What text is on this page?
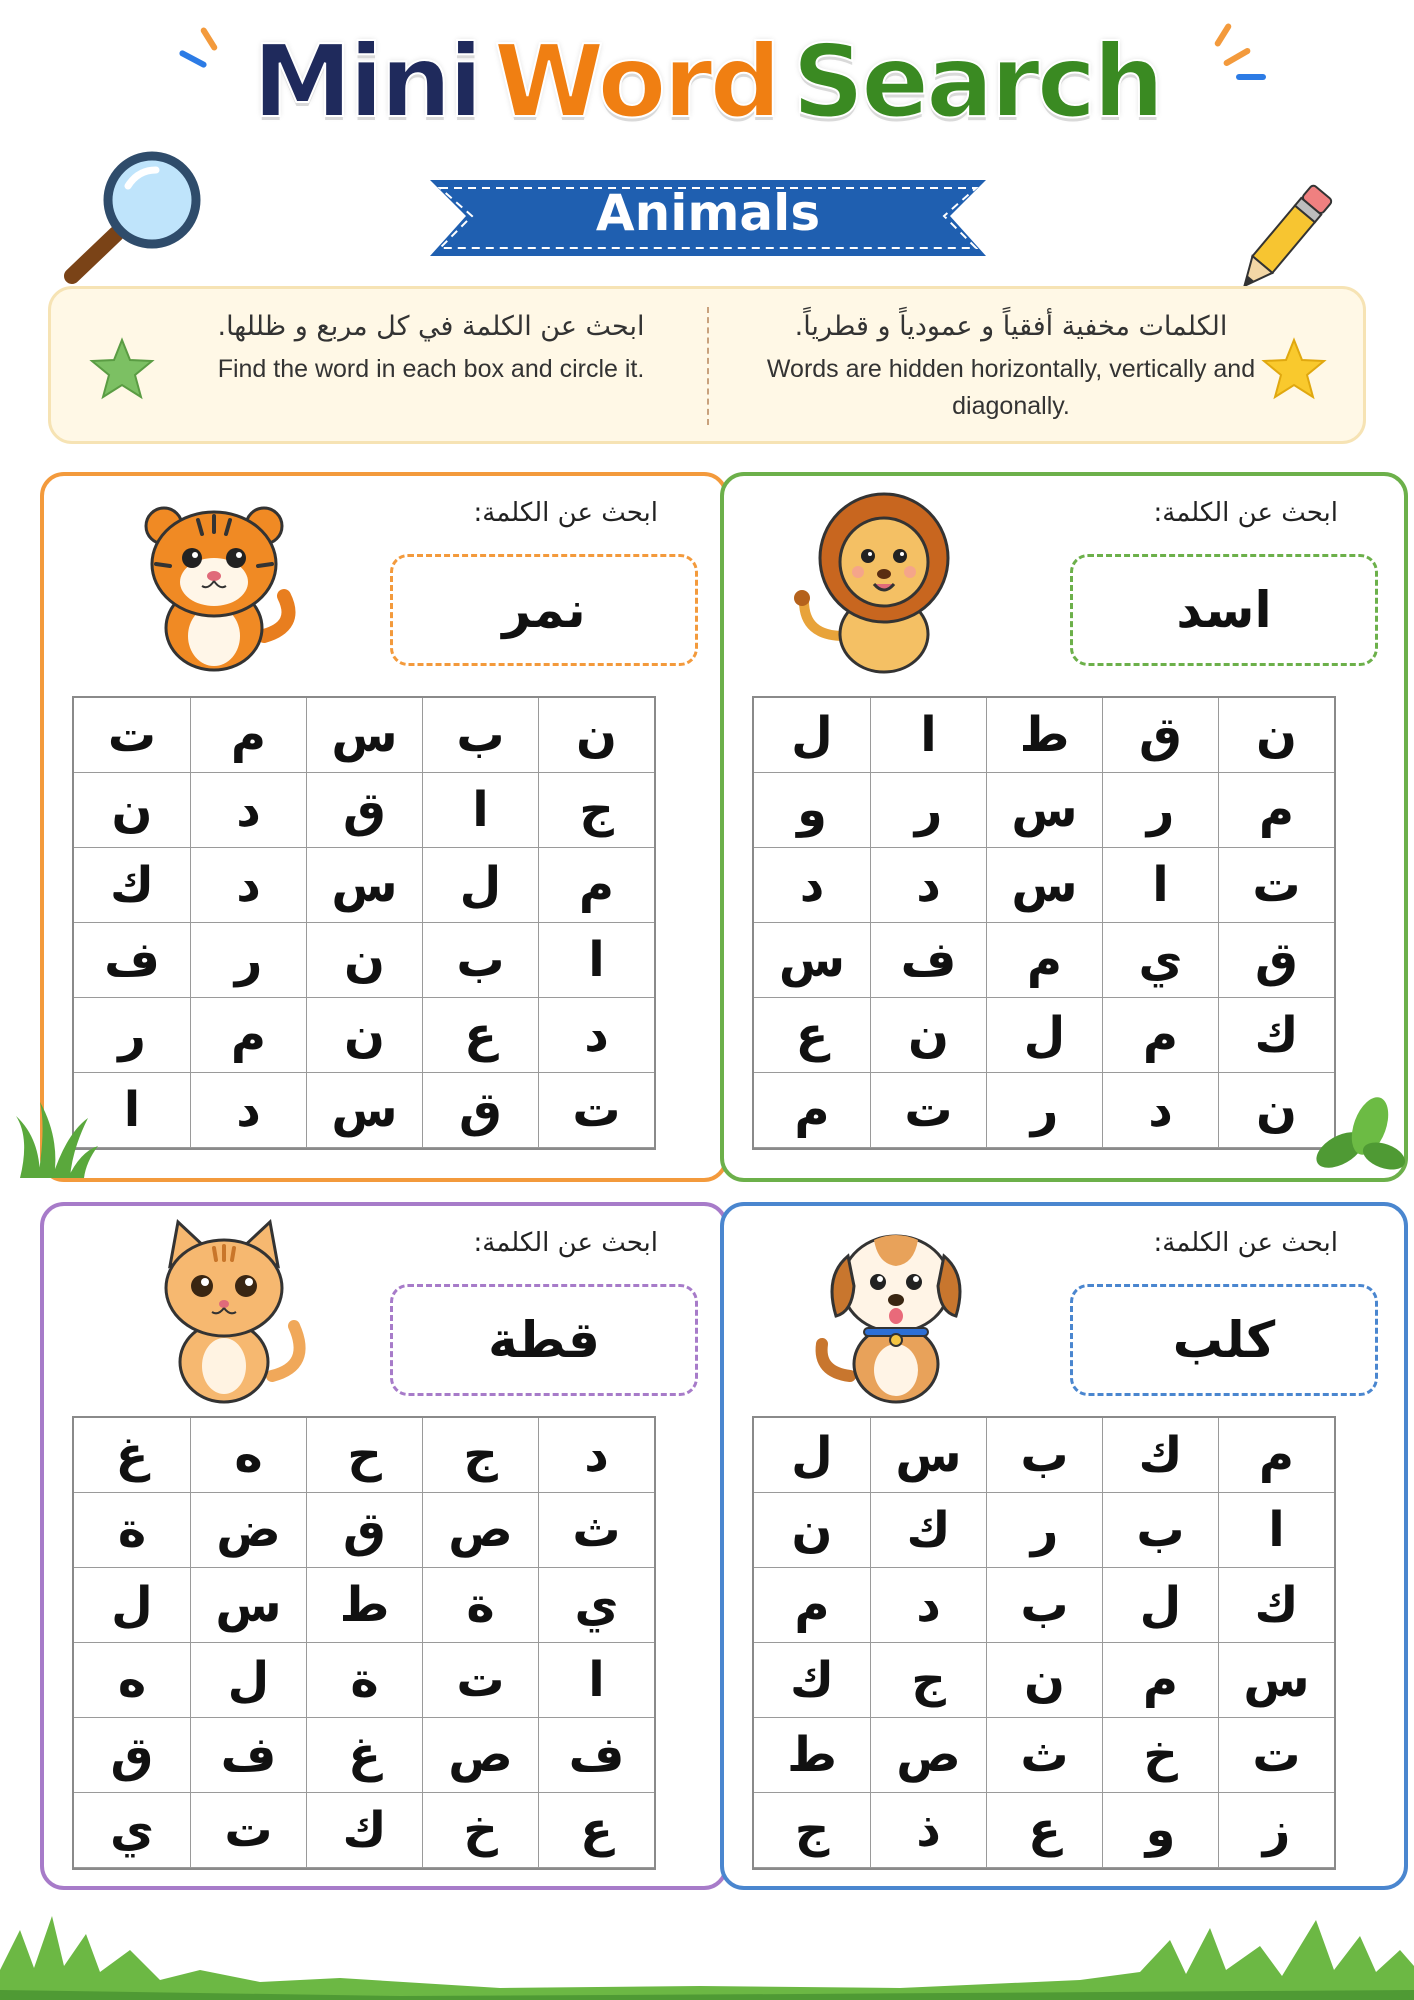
Mini Word Search
Animals
ابحث عن الكلمة في كل مربع و ظللها.
Find the word in each box and circle it.
الكلمات مخفية أفقياً و عمودياً و قطرياً.
Words are hidden horizontally, vertically and diagonally.
ابحث عن الكلمة:
نمر
ن
ب
س
م
ت
ج
ا
ق
د
ن
م
ل
س
د
ك
ا
ب
ن
ر
ف
د
ع
ن
م
ر
ت
ق
س
د
ا
ابحث عن الكلمة:
اسد
ن
ق
ط
ا
ل
م
ر
س
ر
و
ت
ا
س
د
د
ق
ي
م
ف
س
ك
م
ل
ن
ع
ن
د
ر
ت
م
ابحث عن الكلمة:
قطة
د
ج
ح
ه
غ
ث
ص
ق
ض
ة
ي
ة
ط
س
ل
ا
ت
ة
ل
ه
ف
ص
غ
ف
ق
ع
خ
ك
ت
ي
ابحث عن الكلمة:
كلب
م
ك
ب
س
ل
ا
ب
ر
ك
ن
ك
ل
ب
د
م
س
م
ن
ج
ك
ت
خ
ث
ص
ط
ز
و
ع
ذ
ج
